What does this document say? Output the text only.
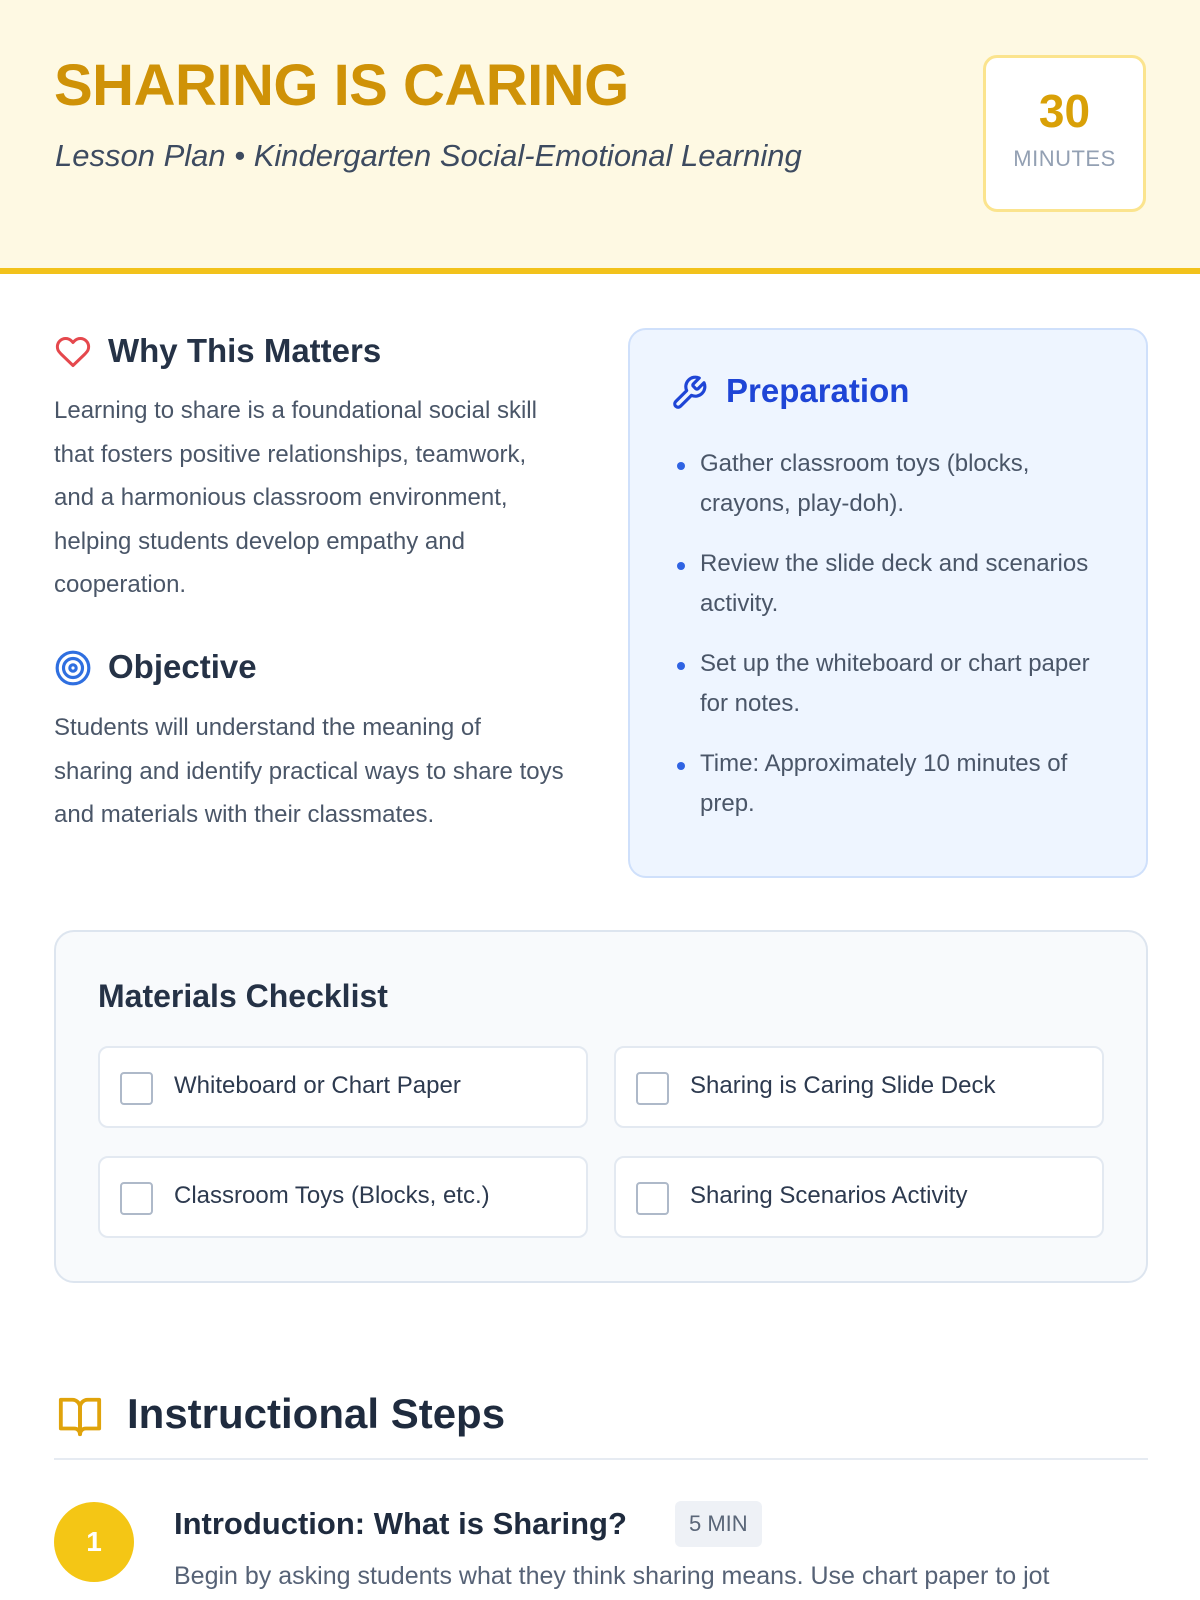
SHARING IS CARING
Lesson Plan • Kindergarten Social-Emotional Learning
30
MINUTES
Why This Matters
Learning to share is a foundational social skill that fosters positive relationships, teamwork, and a harmonious classroom environment, helping students develop empathy and cooperation.
Objective
Students will understand the meaning of sharing and identify practical ways to share toys and materials with their classmates.
Preparation
Gather classroom toys (blocks, crayons, play-doh).
Review the slide deck and scenarios activity.
Set up the whiteboard or chart paper for notes.
Time: Approximately 10 minutes of prep.
Materials Checklist
Whiteboard or Chart Paper	Sharing is Caring Slide Deck
Classroom Toys (Blocks, etc.)	Sharing Scenarios Activity
Instructional Steps
1
Introduction: What is Sharing?	5 MIN
Begin by asking students what they think sharing means. Use chart paper to jot
